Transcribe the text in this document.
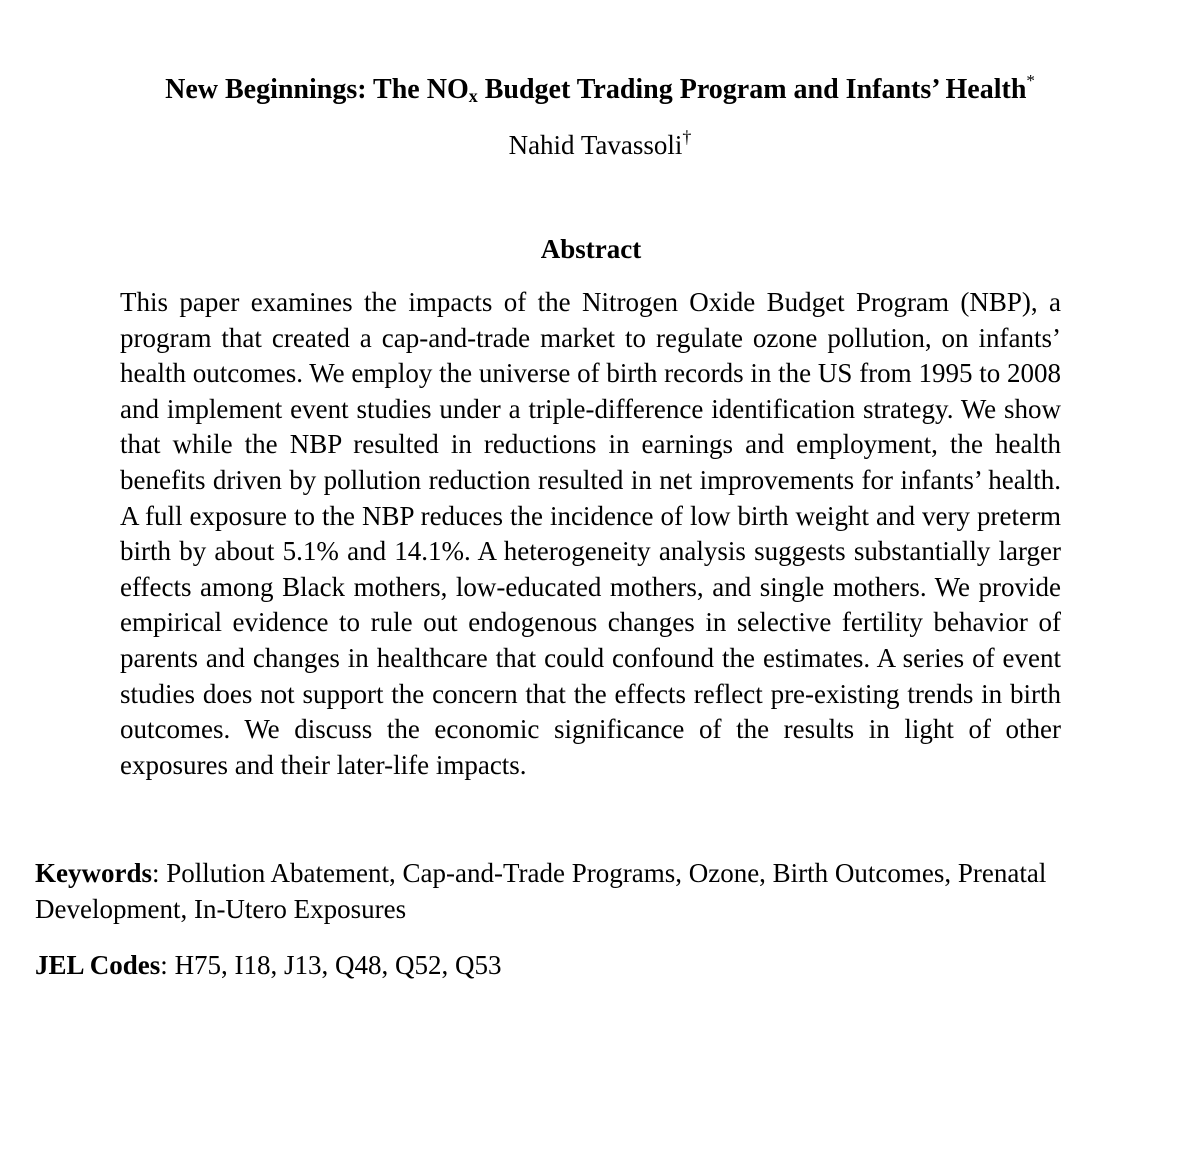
New Beginnings: The NOx Budget Trading Program and Infants’ Health*
Nahid Tavassoli†
Abstract

This paper examines the impacts of the Nitrogen Oxide Budget Program (NBP), a program that created a cap-and-trade market to regulate ozone pollution, on infants’ health outcomes. We employ the universe of birth records in the US from 1995 to 2008 and implement event studies under a triple-difference identification strategy. We show that while the NBP resulted in reductions in earnings and employment, the health benefits driven by pollution reduction resulted in net improvements for infants’ health. A full exposure to the NBP reduces the incidence of low birth weight and very preterm birth by about 5.1% and 14.1%. A heterogeneity analysis suggests substantially larger effects among Black mothers, low-educated mothers, and single mothers. We provide empirical evidence to rule out endogenous changes in selective fertility behavior of parents and changes in healthcare that could confound the estimates. A series of event studies does not support the concern that the effects reflect pre-existing trends in birth outcomes. We discuss the economic significance of the results in light of other exposures and their later-life impacts.

Keywords: Pollution Abatement, Cap-and-Trade Programs, Ozone, Birth Outcomes, Prenatal Development, In-Utero Exposures

JEL Codes: H75, I18, J13, Q48, Q52, Q53
